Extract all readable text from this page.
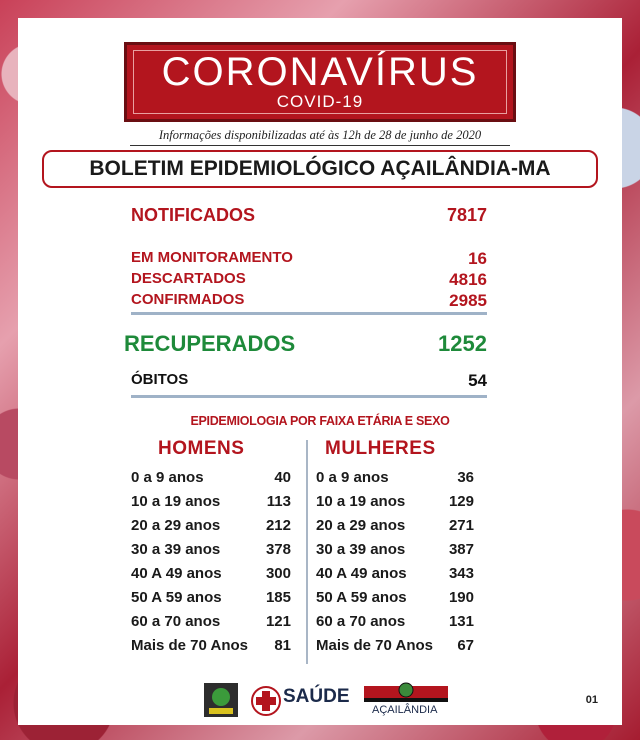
CORONAVÍRUS
COVID-19
Informações disponibilizadas até às 12h de 28 de junho de 2020
BOLETIM EPIDEMIOLÓGICO AÇAILÂNDIA-MA
NOTIFICADOS	7817
EM MONITORAMENTO	16
DESCARTADOS	4816
CONFIRMADOS	2985
RECUPERADOS	1252
ÓBITOS	54
EPIDEMIOLOGIA POR FAIXA ETÁRIA E SEXO
HOMENS	MULHERES
0 a 9 anos	40
10 a 19 anos	113
20 a 29 anos	212
30 a 39 anos	378
40 A 49 anos	300
50 A 59 anos	185
60 a 70 anos	121
Mais de 70 Anos 81
0 a 9 anos	36
10 a 19 anos	129
20 a 29 anos	271
30 a 39 anos	387
40 A 49 anos	343
50 A 59 anos	190
60 a 70 anos	131
Mais de 70 Anos 67
SAÚDE
AÇAILÂNDIA
01
